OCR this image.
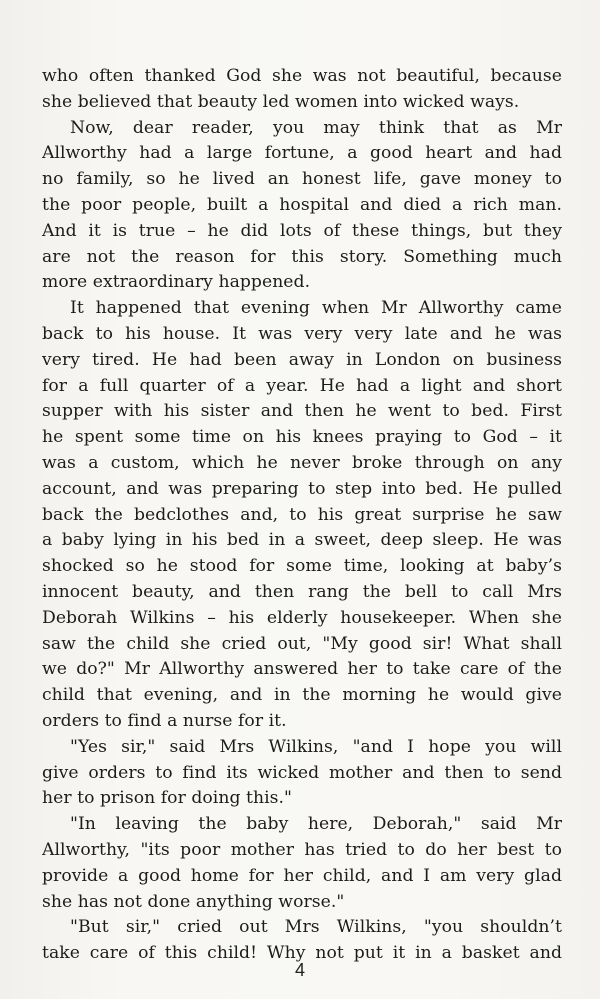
who often thanked God she was not beautiful, because
she believed that beauty led women into wicked ways.
Now, dear reader, you may think that as Mr
Allworthy had a large fortune, a good heart and had
no family, so he lived an honest life, gave money to
the poor people, built a hospital and died a rich man.
And it is true – he did lots of these things, but they
are not the reason for this story. Something much
more extraordinary happened.
It happened that evening when Mr Allworthy came
back to his house. It was very very late and he was
very tired. He had been away in London on business
for a full quarter of a year. He had a light and short
supper with his sister and then he went to bed. First
he spent some time on his knees praying to God – it
was a custom, which he never broke through on any
account, and was preparing to step into bed. He pulled
back the bedclothes and, to his great surprise he saw
a baby lying in his bed in a sweet, deep sleep. He was
shocked so he stood for some time, looking at baby’s
innocent beauty, and then rang the bell to call Mrs
Deborah Wilkins – his elderly housekeeper. When she
saw the child she cried out, "My good sir! What shall
we do?" Mr Allworthy answered her to take care of the
child that evening, and in the morning he would give
orders to find a nurse for it.
"Yes sir," said Mrs Wilkins, "and I hope you will
give orders to find its wicked mother and then to send
her to prison for doing this."
"In leaving the baby here, Deborah," said Mr
Allworthy, "its poor mother has tried to do her best to
provide a good home for her child, and I am very glad
she has not done anything worse."
"But sir," cried out Mrs Wilkins, "you shouldn’t
take care of this child! Why not put it in a basket and
4
